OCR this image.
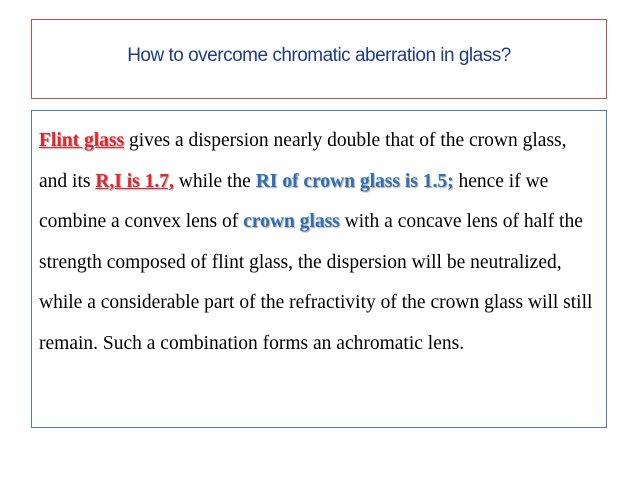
How to overcome chromatic aberration in glass?

Flint glass gives a dispersion nearly double that of the crown glass, and its R,I is 1.7, while the RI of crown glass is 1.5; hence if we combine a convex lens of crown glass with a concave lens of half the strength composed of flint glass, the dispersion will be neutralized, while a considerable part of the refractivity of the crown glass will still remain. Such a combination forms an achromatic lens.
